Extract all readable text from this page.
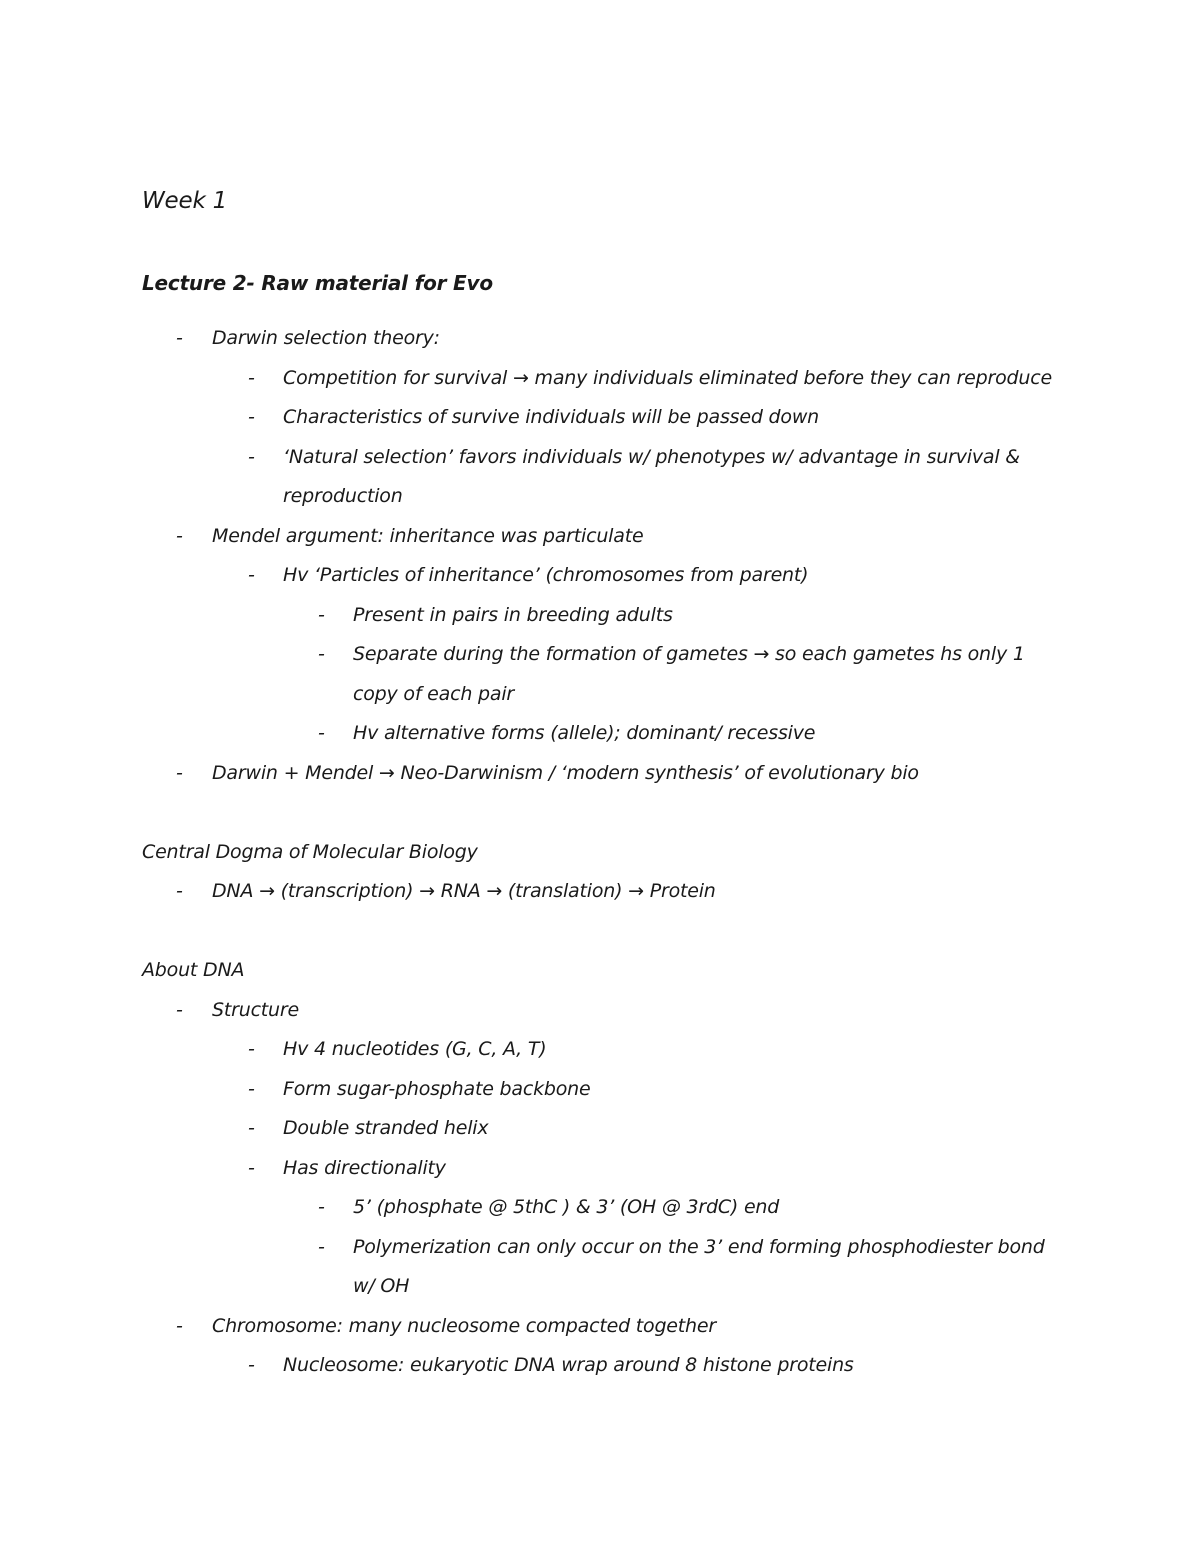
Week 1
Lecture 2- Raw material for Evo
- Darwin selection theory:
- Competition for survival → many individuals eliminated before they can reproduce
- Characteristics of survive individuals will be passed down
- ‘Natural selection’ favors individuals w/ phenotypes w/ advantage in survival &
reproduction
- Mendel argument: inheritance was particulate
- Hv ‘Particles of inheritance’ (chromosomes from parent)
- Present in pairs in breeding adults
- Separate during the formation of gametes → so each gametes hs only 1
copy of each pair
- Hv alternative forms (allele); dominant/ recessive
- Darwin + Mendel → Neo-Darwinism / ‘modern synthesis’ of evolutionary bio
Central Dogma of Molecular Biology
- DNA → (transcription) → RNA → (translation) → Protein
About DNA
- Structure
- Hv 4 nucleotides (G, C, A, T)
- Form sugar-phosphate backbone
- Double stranded helix
- Has directionality
- 5’ (phosphate @ 5thC ) & 3’ (OH @ 3rdC) end
- Polymerization can only occur on the 3’ end forming phosphodiester bond
w/ OH
- Chromosome: many nucleosome compacted together
- Nucleosome: eukaryotic DNA wrap around 8 histone proteins
